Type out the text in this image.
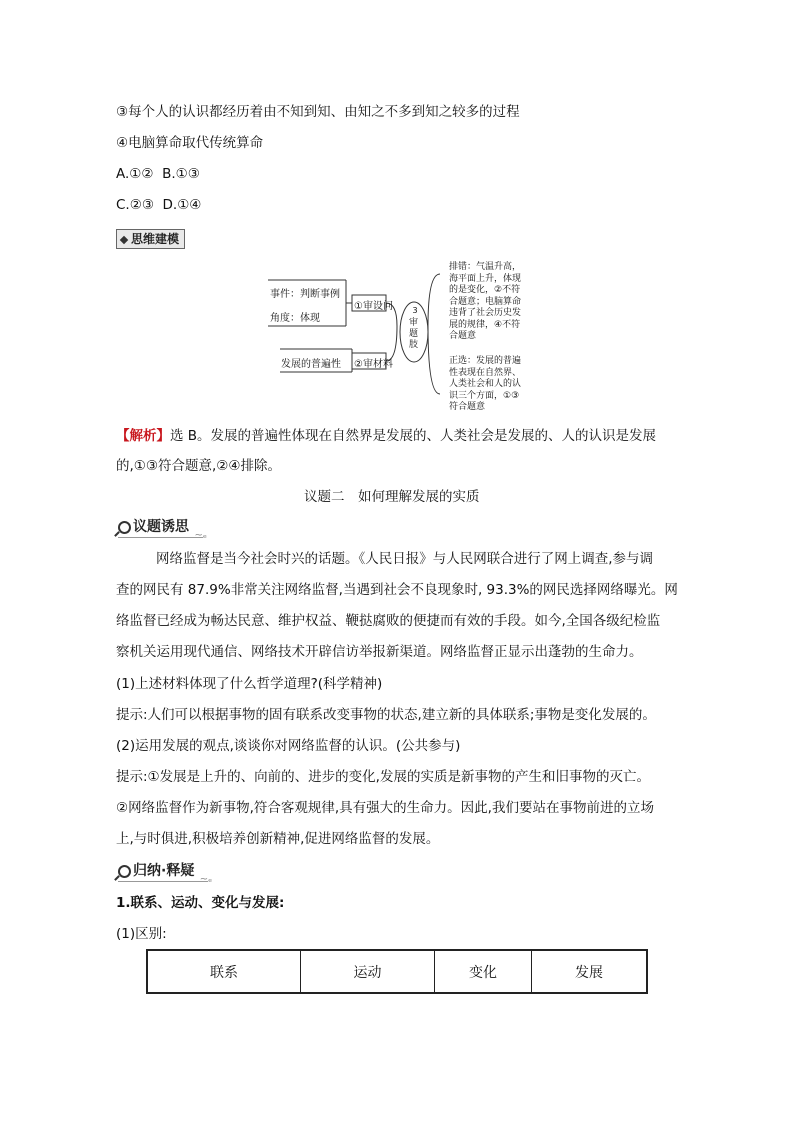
③每个人的认识都经历着由不知到知、由知之不多到知之较多的过程
④电脑算命取代传统算命
A.①②  B.①③
C.②③  D.①④
思维建模
事件：判断事例
角度：体现
发展的普遍性
①审设问
②审材料
3
审题肢
排错：气温升高，
海平面上升，体现
的是变化，②不符
合题意；电脑算命
违背了社会历史发
展的规律，④不符
合题意
正选：发展的普遍
性表现在自然界、
人类社会和人的认
识三个方面，①③
符合题意
【解析】选 B。发展的普遍性体现在自然界是发展的、人类社会是发展的、人的认识是发展
的,①③符合题意,②④排除。
议题二　如何理解发展的实质
议题诱思
~ₑ
网络监督是当今社会时兴的话题。《人民日报》与人民网联合进行了网上调查,参与调
查的网民有 87.9%非常关注网络监督,当遇到社会不良现象时, 93.3%的网民选择网络曝光。网
络监督已经成为畅达民意、维护权益、鞭挞腐败的便捷而有效的手段。如今,全国各级纪检监
察机关运用现代通信、网络技术开辟信访举报新渠道。网络监督正显示出蓬勃的生命力。
(1)上述材料体现了什么哲学道理?(科学精神)
提示:人们可以根据事物的固有联系改变事物的状态,建立新的具体联系;事物是变化发展的。
(2)运用发展的观点,谈谈你对网络监督的认识。(公共参与)
提示:①发展是上升的、向前的、进步的变化,发展的实质是新事物的产生和旧事物的灭亡。
②网络监督作为新事物,符合客观规律,具有强大的生命力。因此,我们要站在事物前进的立场
上,与时俱进,积极培养创新精神,促进网络监督的发展。
归纳·释疑
~ₑ
1.联系、运动、变化与发展:
(1)区别:
联系	运动	变化	发展
